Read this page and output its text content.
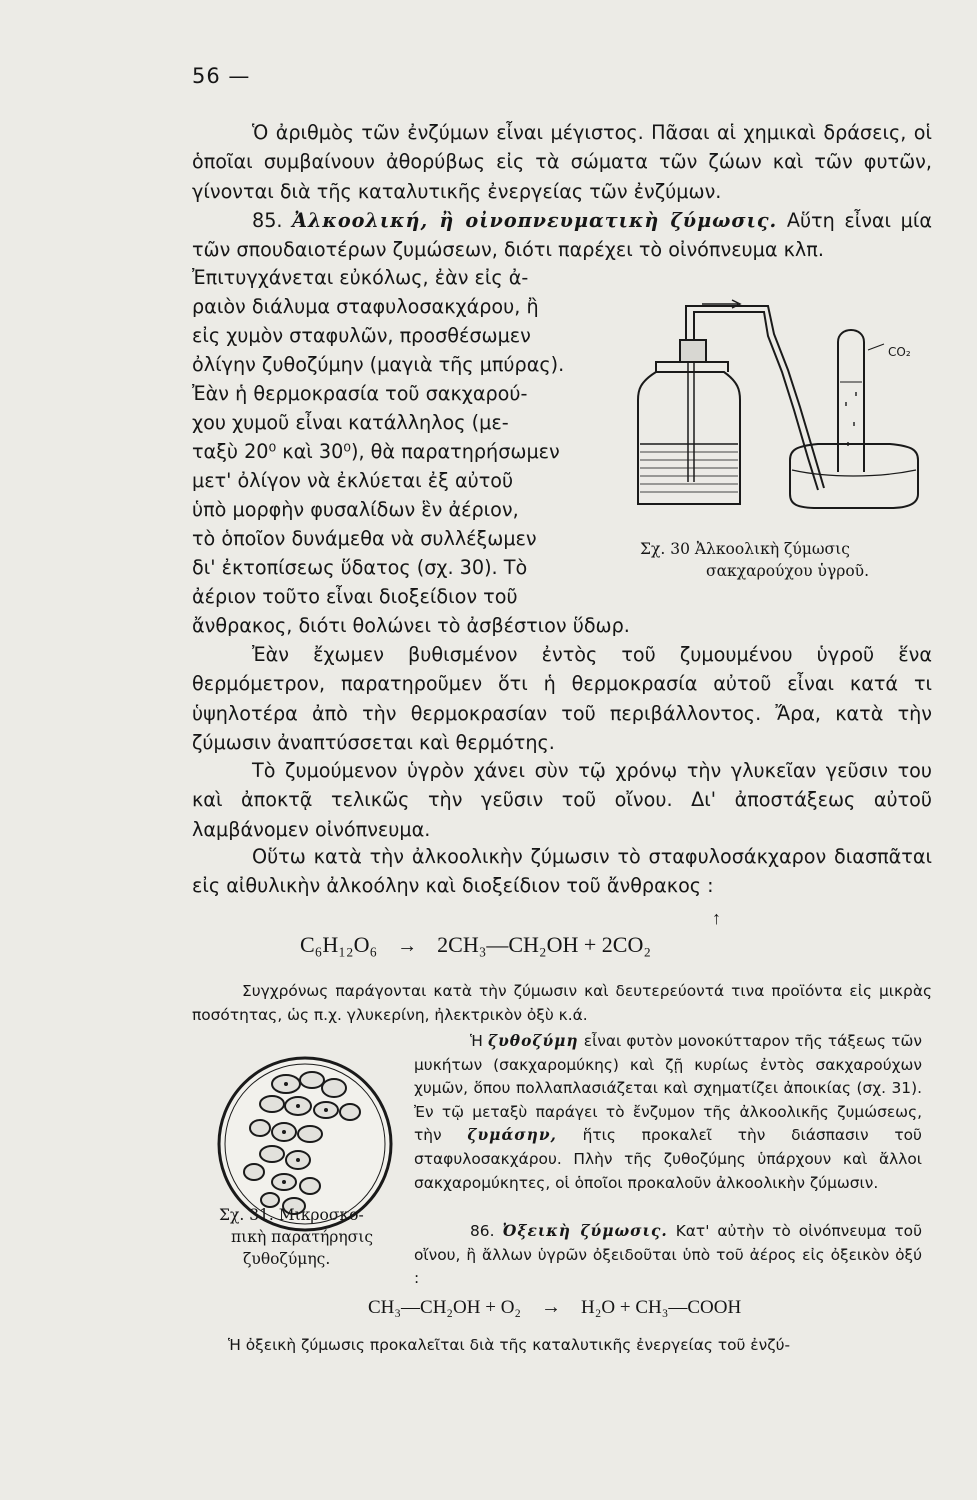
56 —
Ὁ ἀριθμὸς τῶν ἐνζύμων εἶναι μέγιστος. Πᾶσαι αἱ χημικαὶ δράσεις, οἱ ὁποῖαι συμβαίνουν ἀθορύβως εἰς τὰ σώματα τῶν ζώων καὶ τῶν φυτῶν, γίνονται διὰ τῆς καταλυτικῆς ἐνεργείας τῶν ἐνζύμων.
85. Ἀλκοολική, ἢ οἰνοπνευματικὴ ζύμωσις. Αὕτη εἶναι μία τῶν σπουδαιοτέρων ζυμώσεων, διότι παρέχει τὸ οἰνόπνευμα κλπ.
Ἐπιτυγχάνεται εὐκόλως, ἐὰν εἰς ἀ-
ραιὸν διάλυμα σταφυλοσακχάρου, ἢ
εἰς χυμὸν σταφυλῶν, προσθέσωμεν
ὀλίγην ζυθοζύμην (μαγιὰ τῆς μπύρας).
Ἐὰν ἡ θερμοκρασία τοῦ σακχαρού-
χου χυμοῦ εἶναι κατάλληλος (με-
ταξὺ 20⁰ καὶ 30⁰), θὰ παρατηρήσωμεν
μετ' ὀλίγον νὰ ἐκλύεται ἐξ αὐτοῦ
ὑπὸ μορφὴν φυσαλίδων ἓν ἀέριον,
τὸ ὁποῖον δυνάμεθα νὰ συλλέξωμεν
δι' ἐκτοπίσεως ὕδατος (σχ. 30). Τὸ
ἀέριον τοῦτο εἶναι διοξείδιον τοῦ
ἄνθρακος, διότι θολώνει τὸ ἀσβέστιον ὕδωρ.
CO₂
Σχ. 30 Ἀλκοολικὴ ζύμωσις
σακχαρούχου ὑγροῦ.
Ἐὰν ἔχωμεν βυθισμένον ἐντὸς τοῦ ζυμουμένου ὑγροῦ ἕνα θερμόμετρον, παρατηροῦμεν ὅτι ἡ θερμοκρασία αὐτοῦ εἶναι κατά τι ὑψηλοτέρα ἀπὸ τὴν θερμοκρασίαν τοῦ περιβάλλοντος. Ἄρα, κατὰ τὴν ζύμωσιν ἀναπτύσσεται καὶ θερμότης.
Τὸ ζυμούμενον ὑγρὸν χάνει σὺν τῷ χρόνῳ τὴν γλυκεῖαν γεῦσιν του καὶ ἀποκτᾷ τελικῶς τὴν γεῦσιν τοῦ οἴνου. Δι' ἀποστάξεως αὐτοῦ λαμβάνομεν οἰνόπνευμα.
Οὕτω κατὰ τὴν ἀλκοολικὴν ζύμωσιν τὸ σταφυλοσάκχαρον διασπᾶται εἰς αἰθυλικὴν ἀλκοόλην καὶ διοξείδιον τοῦ ἄνθρακος :
↑
C₆H₁₂O₆ → 2CH₃—CH₂OH + 2CO₂
Συγχρόνως παράγονται κατὰ τὴν ζύμωσιν καὶ δευτερεύοντά τινα προϊόντα εἰς μικρὰς ποσότητας, ὡς π.χ. γλυκερίνη, ἠλεκτρικὸν ὀξὺ κ.ά.
Σχ. 31. Μικροσκο-
πικὴ παρατήρησις
ζυθοζύμης.
Ἡ ζυθοζύμη εἶναι φυτὸν μονοκύτταρον τῆς τάξεως τῶν μυκήτων (σακχαρομύκης) καὶ ζῇ κυρίως ἐντὸς σακχαρούχων χυμῶν, ὅπου πολλαπλασιάζεται καὶ σχηματίζει ἀποικίας (σχ. 31). Ἐν τῷ μεταξὺ παράγει τὸ ἔνζυμον τῆς ἀλκοολικῆς ζυμώσεως, τὴν ζυμάσην, ἥτις προκαλεῖ τὴν διάσπασιν τοῦ σταφυλοσακχάρου. Πλὴν τῆς ζυθοζύμης ὑπάρχουν καὶ ἄλλοι σακχαρομύκητες, οἱ ὁποῖοι προκαλοῦν ἀλκοολικὴν ζύμωσιν.
86. Ὀξεικὴ ζύμωσις. Κατ' αὐτὴν τὸ οἰνόπνευμα τοῦ οἴνου, ἢ ἄλλων ὑγρῶν ὀξειδοῦται ὑπὸ τοῦ ἀέρος εἰς ὀξεικὸν ὀξύ :
CH₃—CH₂OH + O₂ → H₂O + CH₃—COOH
Ἡ ὀξεικὴ ζύμωσις προκαλεῖται διὰ τῆς καταλυτικῆς ἐνεργείας τοῦ ἐνζύ-
